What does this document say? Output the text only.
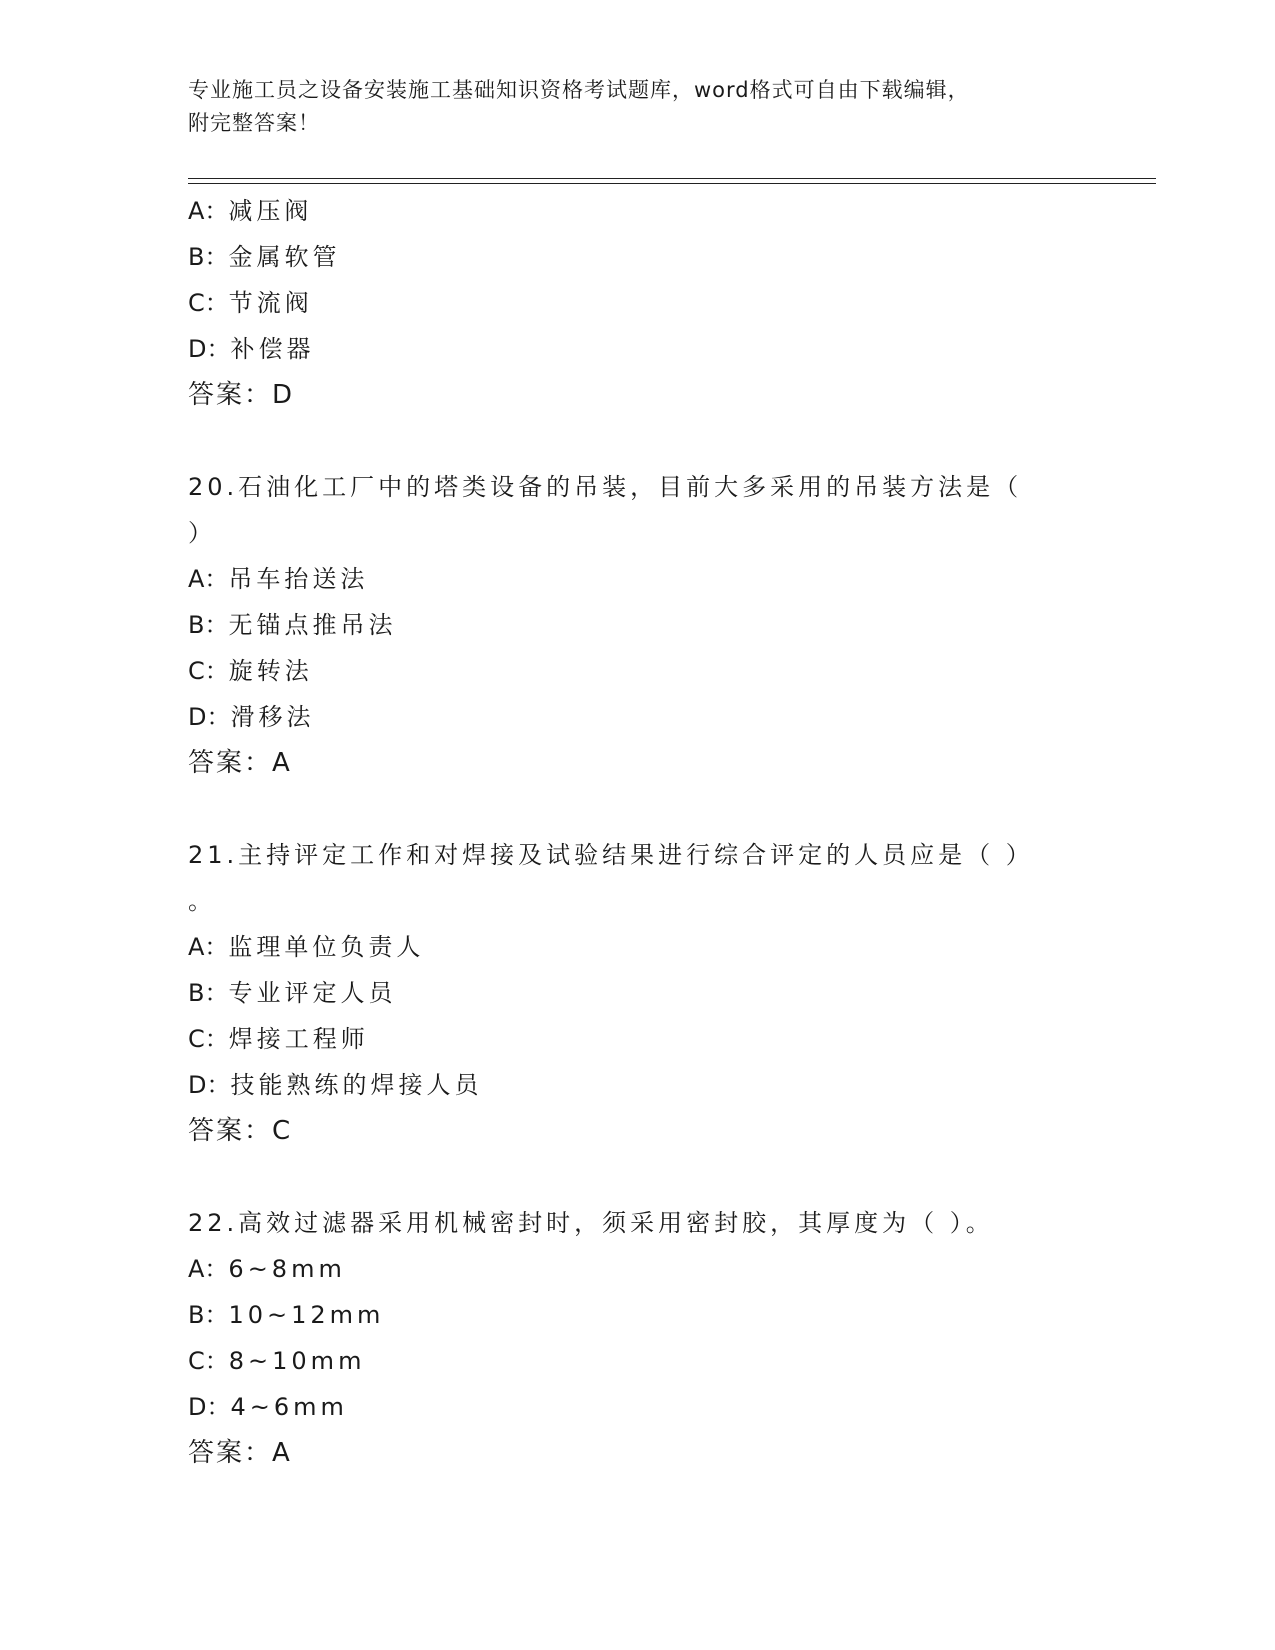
专业施工员之设备安装施工基础知识资格考试题库，word格式可自由下载编辑，
附完整答案！
A：减压阀
B：金属软管
C：节流阀
D：补偿器
答案：D
20.石油化工厂中的塔类设备的吊装，目前大多采用的吊装方法是（
）
A：吊车抬送法
B：无锚点推吊法
C：旋转法
D：滑移法
答案：A
21.主持评定工作和对焊接及试验结果进行综合评定的人员应是（ ）
。
A：监理单位负责人
B：专业评定人员
C：焊接工程师
D：技能熟练的焊接人员
答案：C
22.高效过滤器采用机械密封时，须采用密封胶，其厚度为（ ）。
A：6~8mm
B：10~12mm
C：8~10mm
D：4~6mm
答案：A
